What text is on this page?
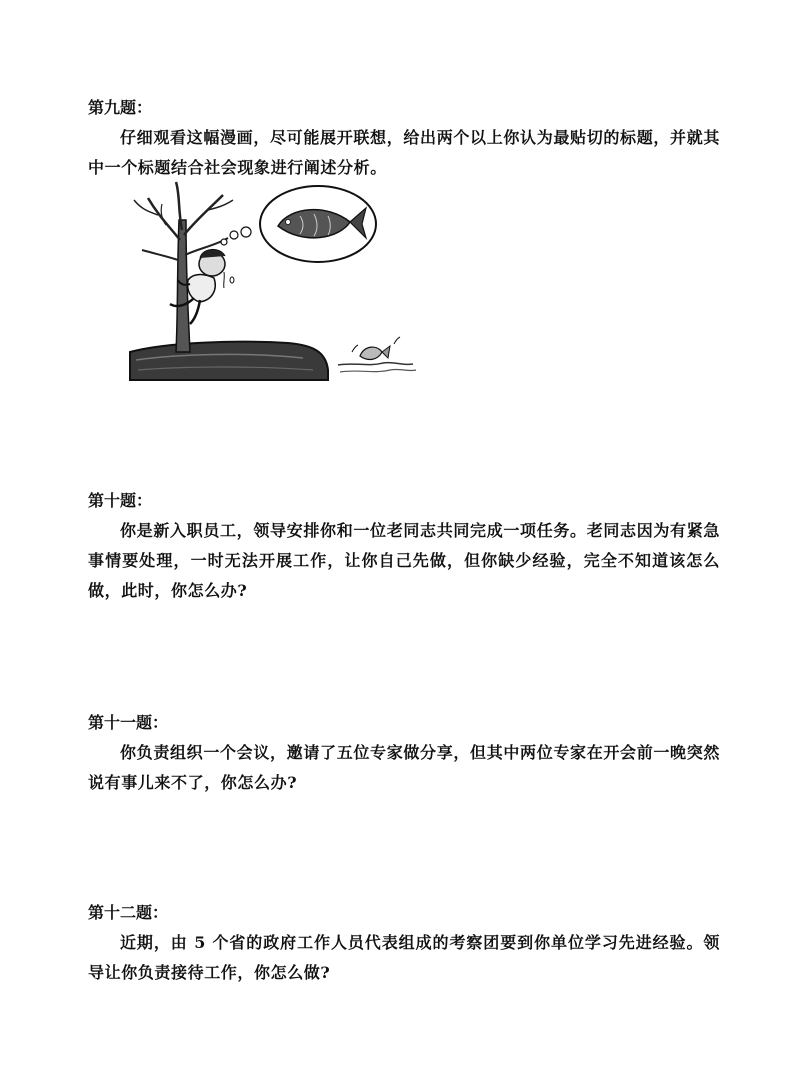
第九题：

仔细观看这幅漫画，尽可能展开联想，给出两个以上你认为最贴切的标题，并就其中一个标题结合社会现象进行阐述分析。

第十题：

你是新入职员工，领导安排你和一位老同志共同完成一项任务。老同志因为有紧急事情要处理，一时无法开展工作，让你自己先做，但你缺少经验，完全不知道该怎么做，此时，你怎么办?

第十一题：

你负责组织一个会议，邀请了五位专家做分享，但其中两位专家在开会前一晚突然说有事儿来不了，你怎么办?

第十二题：

近期，由 5 个省的政府工作人员代表组成的考察团要到你单位学习先进经验。领导让你负责接待工作，你怎么做?
